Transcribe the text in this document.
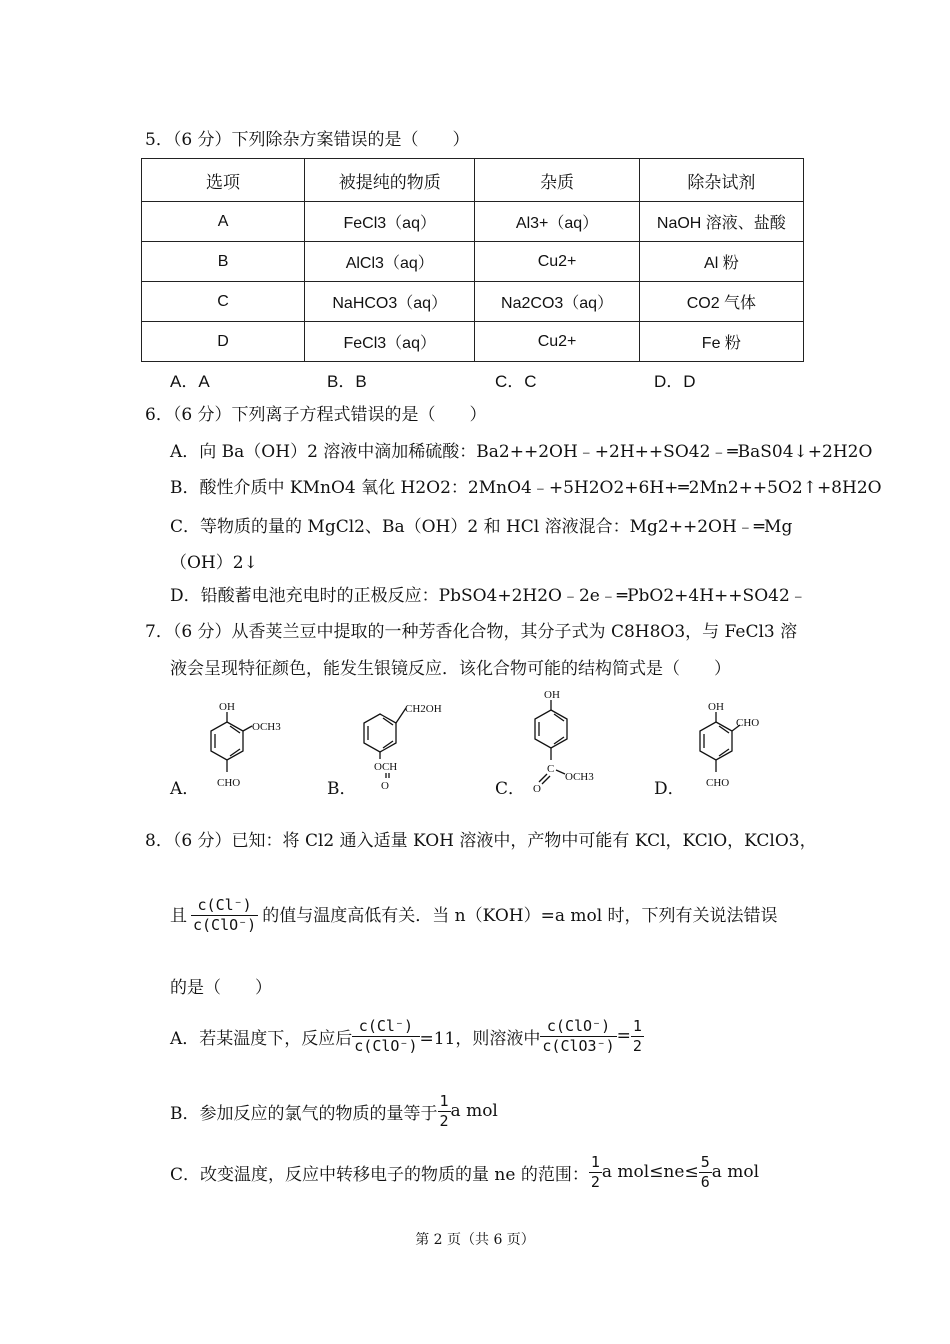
5．（6 分）下列除杂方案错误的是（　　）
选项	被提纯的物质	杂质	除杂试剂
A	FeCl3（aq）	Al3+（aq）	NaOH 溶液、盐酸
B	AlCl3（aq）	Cu2+	Al 粉
C	NaHCO3（aq）	Na2CO3（aq）	CO2 气体
D	FeCl3（aq）	Cu2+	Fe 粉
A．A	B．B	C．C	D．D
6．（6 分）下列离子方程式错误的是（　　）
A．向 Ba（OH）2 溶液中滴加稀硫酸：Ba2++2OH﹣+2H++SO42﹣═BaS04↓+2H2O
B．酸性介质中 KMnO4 氧化 H2O2：2MnO4﹣+5H2O2+6H+═2Mn2++5O2↑+8H2O
C．等物质的量的 MgCl2、Ba（OH）2 和 HCl 溶液混合：Mg2++2OH﹣═Mg（OH）2↓
D．铅酸蓄电池充电时的正极反应：PbSO4+2H2O﹣2e﹣═PbO2+4H++SO42﹣
7．（6 分）从香荚兰豆中提取的一种芳香化合物，其分子式为 C8H8O3，与 FeCl3 溶
液会呈现特征颜色，能发生银镜反应．该化合物可能的结构简式是（　　）
A．	B．	C．	D．
OH
OCH3
CHO
CH2OH
OCH
O
OH
C
O
OCH3
OH
CHO
CHO
8．（6 分）已知：将 Cl2 通入适量 KOH 溶液中，产物中可能有 KCl，KClO，KClO3，
且 $\frac{c(Cl^-)}{\text{c(ClO⁻)}}$ 的值与温度高低有关．当 n（KOH）=a mol 时，下列有关说法错误
的是（　　）
A．若某温度下，反应后 $\frac{c(Cl^-)}{\text{c(ClO⁻)}} =11$，则溶液中 $\frac{\text{c(ClO⁻)}}{\text{c(ClO3⁻)}} = \frac{1}{2}$
B．参加反应的氯气的物质的量等于 $\frac{1}{2}$ a mol
C．改变温度，反应中转移电子的物质的量 ne 的范围： $\frac{1}{2}$ a $mol\le ne\le \frac{5}{6}$ a mol
第 2 页（共 6 页）
